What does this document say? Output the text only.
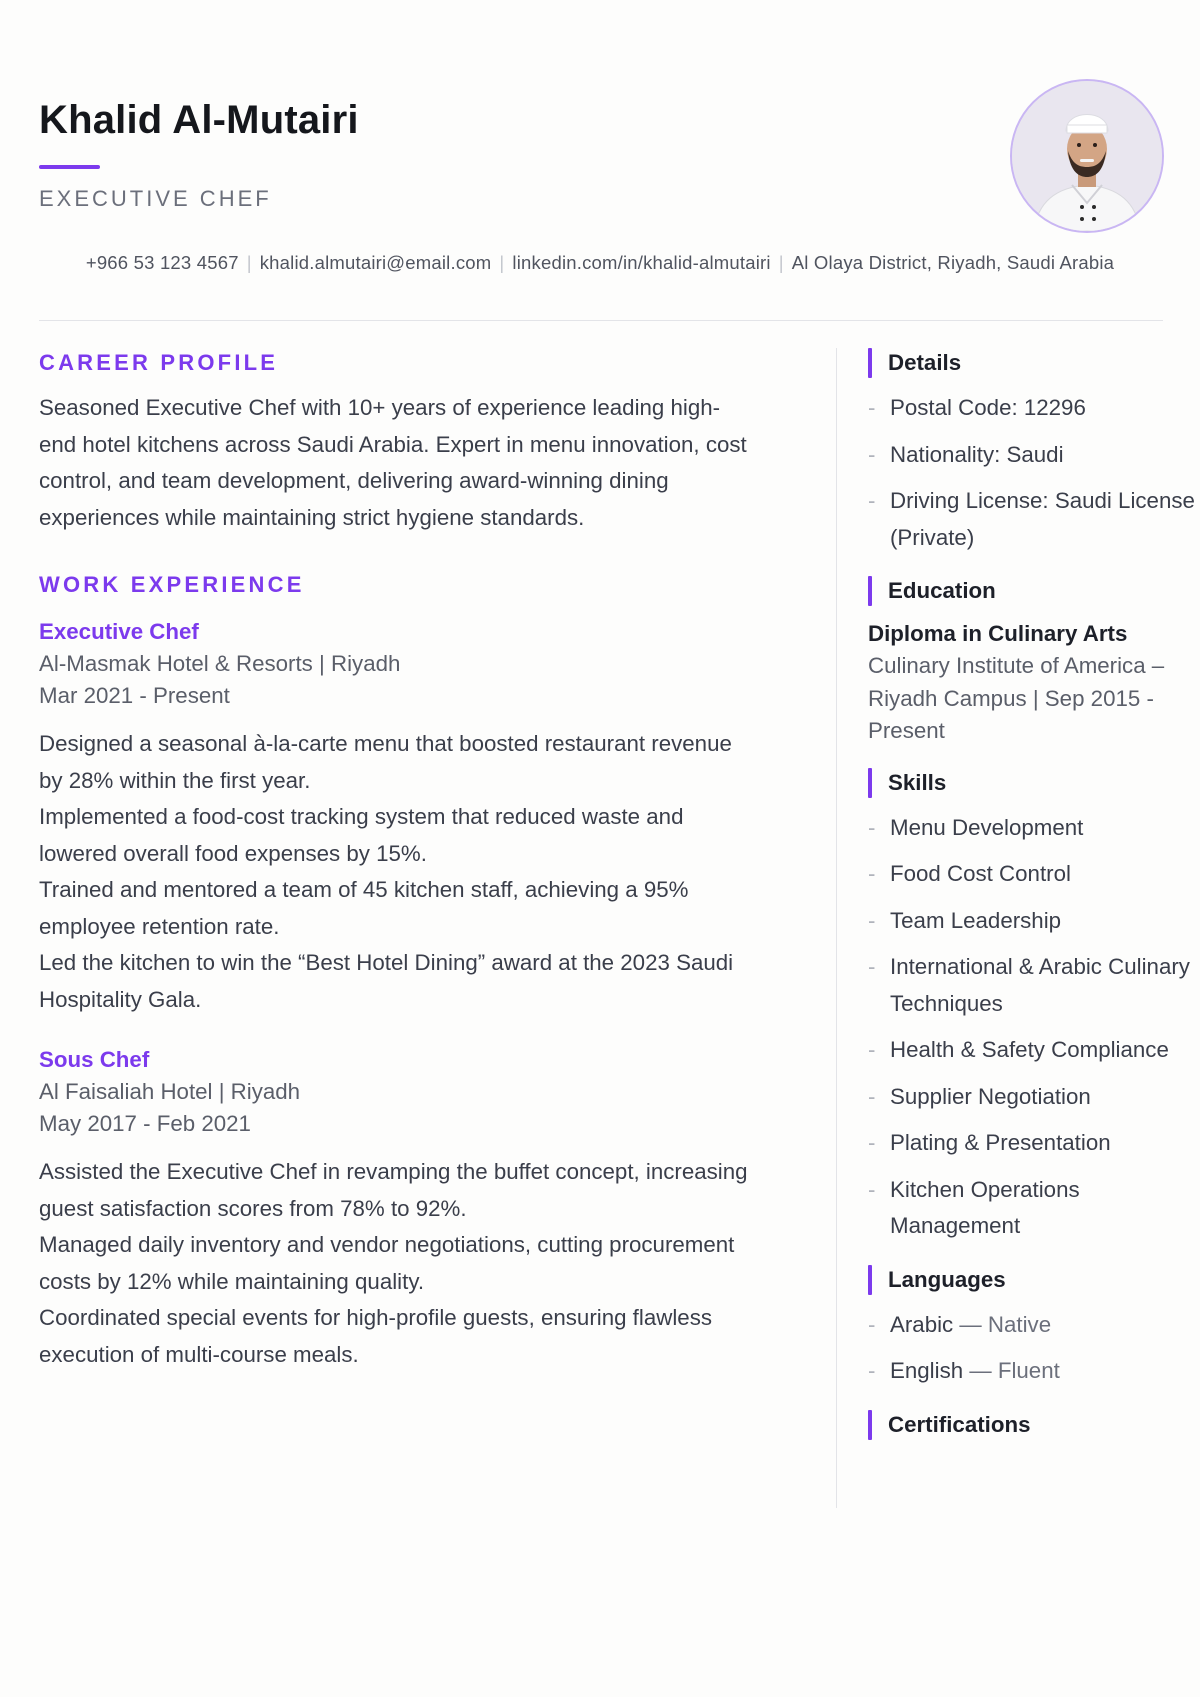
Khalid Al-Mutairi
EXECUTIVE CHEF
+966 53 123 4567 | khalid.almutairi@email.com | linkedin.com/in/khalid-almutairi | Al Olaya District, Riyadh, Saudi Arabia
CAREER PROFILE

Seasoned Executive Chef with 10+ years of experience leading high-end hotel kitchens across Saudi Arabia. Expert in menu innovation, cost control, and team development, delivering award-winning dining experiences while maintaining strict hygiene standards.

WORK EXPERIENCE
Executive Chef
Al-Masmak Hotel & Resorts | Riyadh
Mar 2021 - Present
Designed a seasonal à-la-carte menu that boosted restaurant revenue by 28% within the first year.
Implemented a food-cost tracking system that reduced waste and lowered overall food expenses by 15%.
Trained and mentored a team of 45 kitchen staff, achieving a 95% employee retention rate.
Led the kitchen to win the “Best Hotel Dining” award at the 2023 Saudi Hospitality Gala.
Sous Chef
Al Faisaliah Hotel | Riyadh
May 2017 - Feb 2021
Assisted the Executive Chef in revamping the buffet concept, increasing guest satisfaction scores from 78% to 92%.
Managed daily inventory and vendor negotiations, cutting procurement costs by 12% while maintaining quality.
Coordinated special events for high-profile guests, ensuring flawless execution of multi-course meals.
Details
- Postal Code: 12296
- Nationality: Saudi
- Driving License: Saudi License (Private)
Education
Diploma in Culinary Arts
Culinary Institute of America – Riyadh Campus | Sep 2015 - Present
Skills
- Menu Development
- Food Cost Control
- Team Leadership
- International & Arabic Culinary Techniques
- Health & Safety Compliance
- Supplier Negotiation
- Plating & Presentation
- Kitchen Operations Management
Languages
- Arabic — Native
- English — Fluent
Certifications
